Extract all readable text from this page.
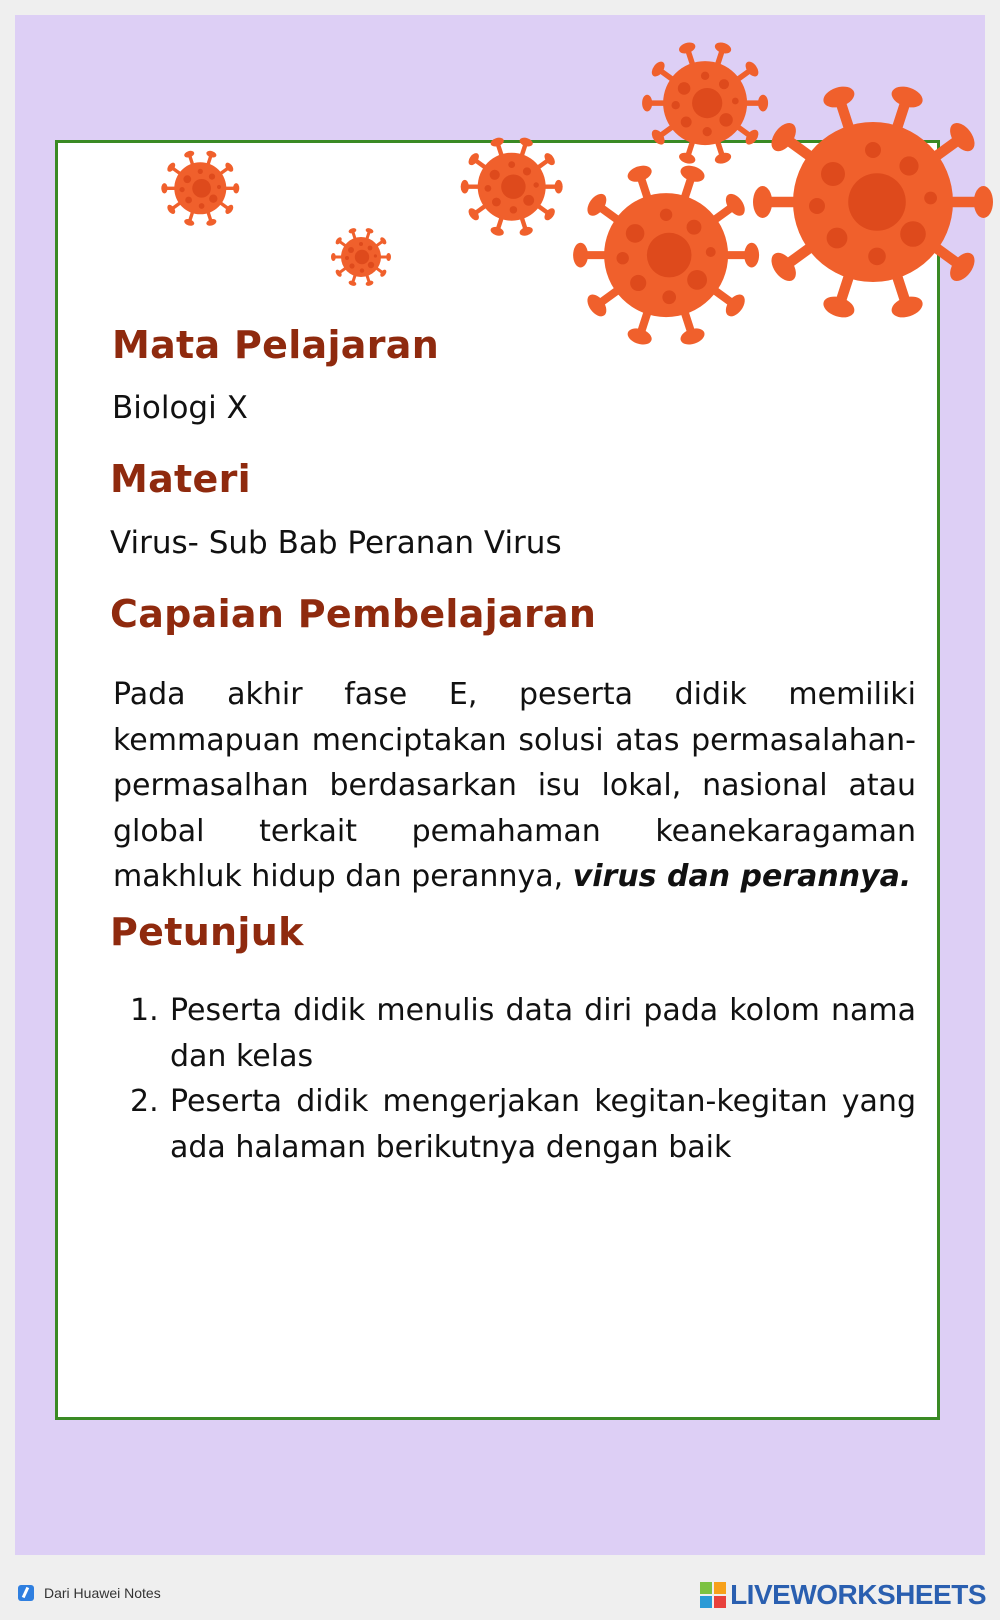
Mata Pelajaran

Biologi X

Materi

Virus- Sub Bab Peranan Virus

Capaian Pembelajaran
Petunjuk

Pada akhir fase E, peserta didik memiliki kemmapuan menciptakan solusi atas permasalahan-permasalhan berdasarkan isu lokal, nasional atau global terkait pemahaman keanekaragaman makhluk hidup dan perannya, virus dan perannya.

1. Peserta didik menulis data diri pada kolom nama dan kelas
2. Peserta didik mengerjakan kegitan-kegitan yang ada halaman berikutnya dengan baik
Dari Huawei Notes	LIVEWORKSHEETS
